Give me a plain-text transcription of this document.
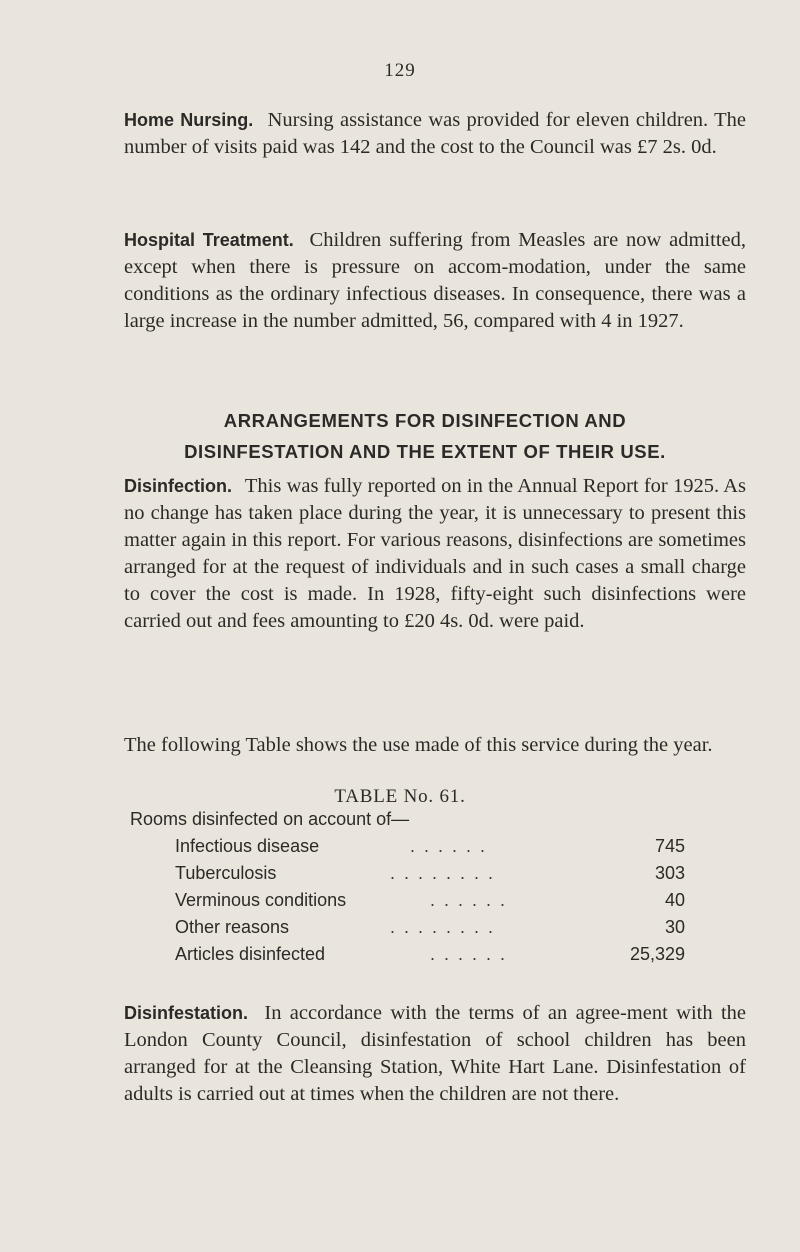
129
Home Nursing. Nursing assistance was provided for eleven children. The number of visits paid was 142 and the cost to the Council was £7 2s. 0d.
Hospital Treatment. Children suffering from Measles are now admitted, except when there is pressure on accom-modation, under the same conditions as the ordinary infectious diseases. In consequence, there was a large increase in the number admitted, 56, compared with 4 in 1927.
ARRANGEMENTS FOR DISINFECTION AND
DISINFESTATION AND THE EXTENT OF THEIR USE.
Disinfection. This was fully reported on in the Annual Report for 1925. As no change has taken place during the year, it is unnecessary to present this matter again in this report. For various reasons, disinfections are sometimes arranged for at the request of individuals and in such cases a small charge to cover the cost is made. In 1928, fifty-eight such disinfections were carried out and fees amounting to £20 4s. 0d. were paid.
The following Table shows the use made of this service during the year.
TABLE No. 61.
Rooms disinfected on account of—
Infectious disease	. . . . . .	745
Tuberculosis	. . . . . . . .	303
Verminous conditions	. . . . . .	40
Other reasons	. . . . . . . .	30
Articles disinfected	. . . . . .	25,329
Disinfestation. In accordance with the terms of an agree-ment with the London County Council, disinfestation of school children has been arranged for at the Cleansing Station, White Hart Lane. Disinfestation of adults is carried out at times when the children are not there.
